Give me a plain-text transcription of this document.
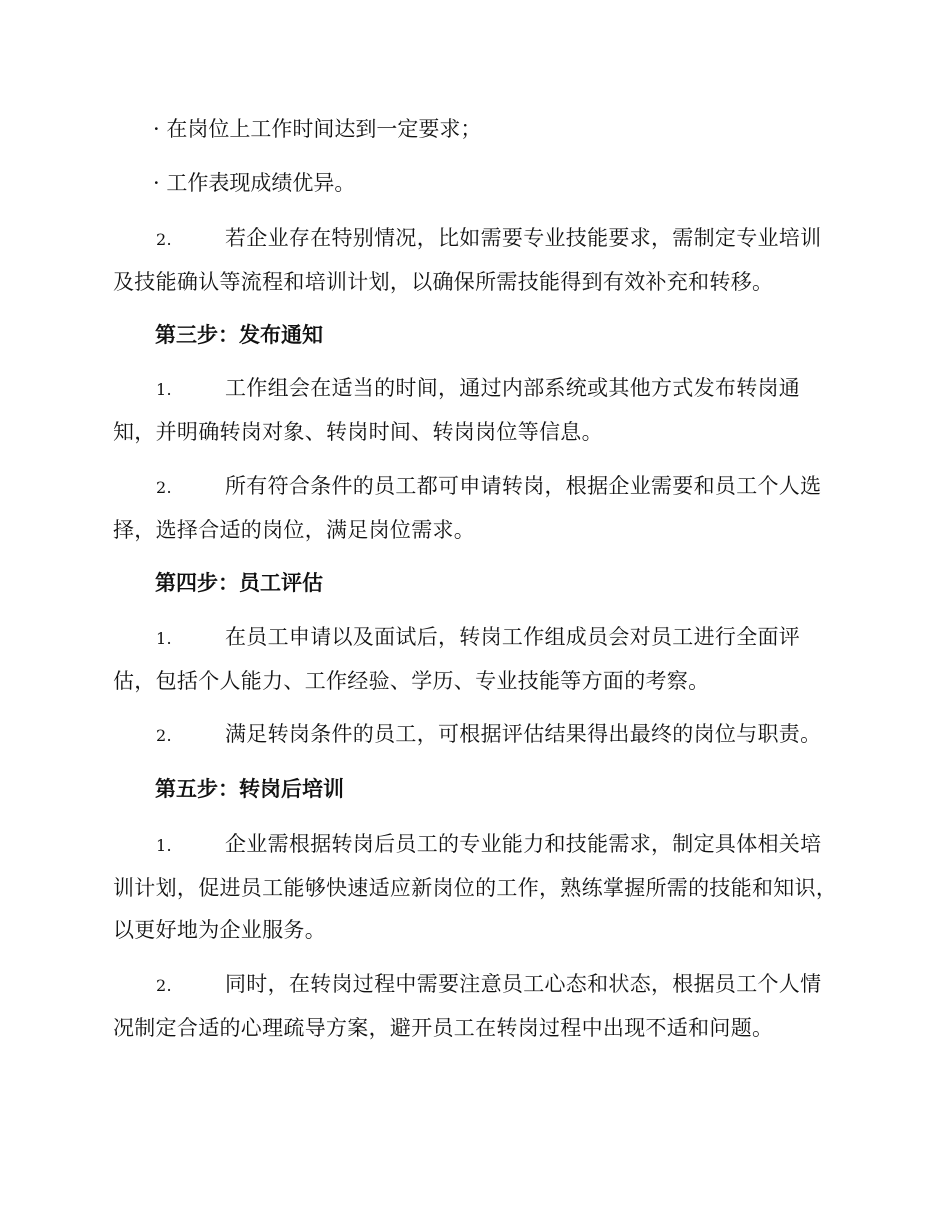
· 在岗位上工作时间达到一定要求；
· 工作表现成绩优异。
2.	若企业存在特别情况，比如需要专业技能要求，需制定专业培训及技能确认等流程和培训计划，以确保所需技能得到有效补充和转移。
第三步：发布通知
1.	工作组会在适当的时间，通过内部系统或其他方式发布转岗通知，并明确转岗对象、转岗时间、转岗岗位等信息。
2.	所有符合条件的员工都可申请转岗，根据企业需要和员工个人选择，选择合适的岗位，满足岗位需求。
第四步：员工评估
1.	在员工申请以及面试后，转岗工作组成员会对员工进行全面评估，包括个人能力、工作经验、学历、专业技能等方面的考察。
2.	满足转岗条件的员工，可根据评估结果得出最终的岗位与职责。
第五步：转岗后培训
1.	企业需根据转岗后员工的专业能力和技能需求，制定具体相关培训计划，促进员工能够快速适应新岗位的工作，熟练掌握所需的技能和知识，以更好地为企业服务。
2.	同时，在转岗过程中需要注意员工心态和状态，根据员工个人情况制定合适的心理疏导方案，避开员工在转岗过程中出现不适和问题。
